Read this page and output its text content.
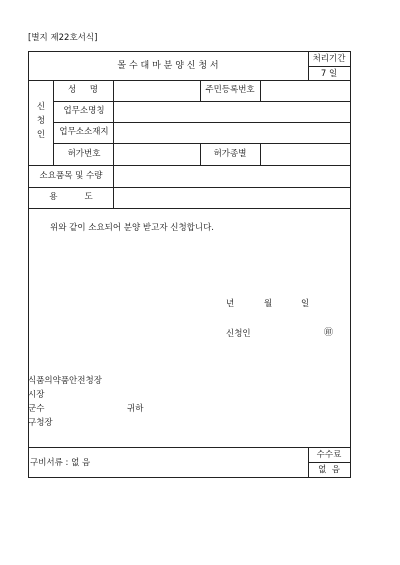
[별지 제22호서식]
몰 수 대 마 분 양 신 청 서
처리기간
7 일
신
청
인
성     명	주민등록번호
업무소명칭
업무소소재지
허가번호	허가종별
소요품목 및 수량
용          도
위와 같이 소요되어 분양 받고자 신청합니다.
년	월	일
신청인	㊞
식품의약품안전청장
시장
군수
구청장
귀하
구비서류 : 없 음
수수료
없  음
